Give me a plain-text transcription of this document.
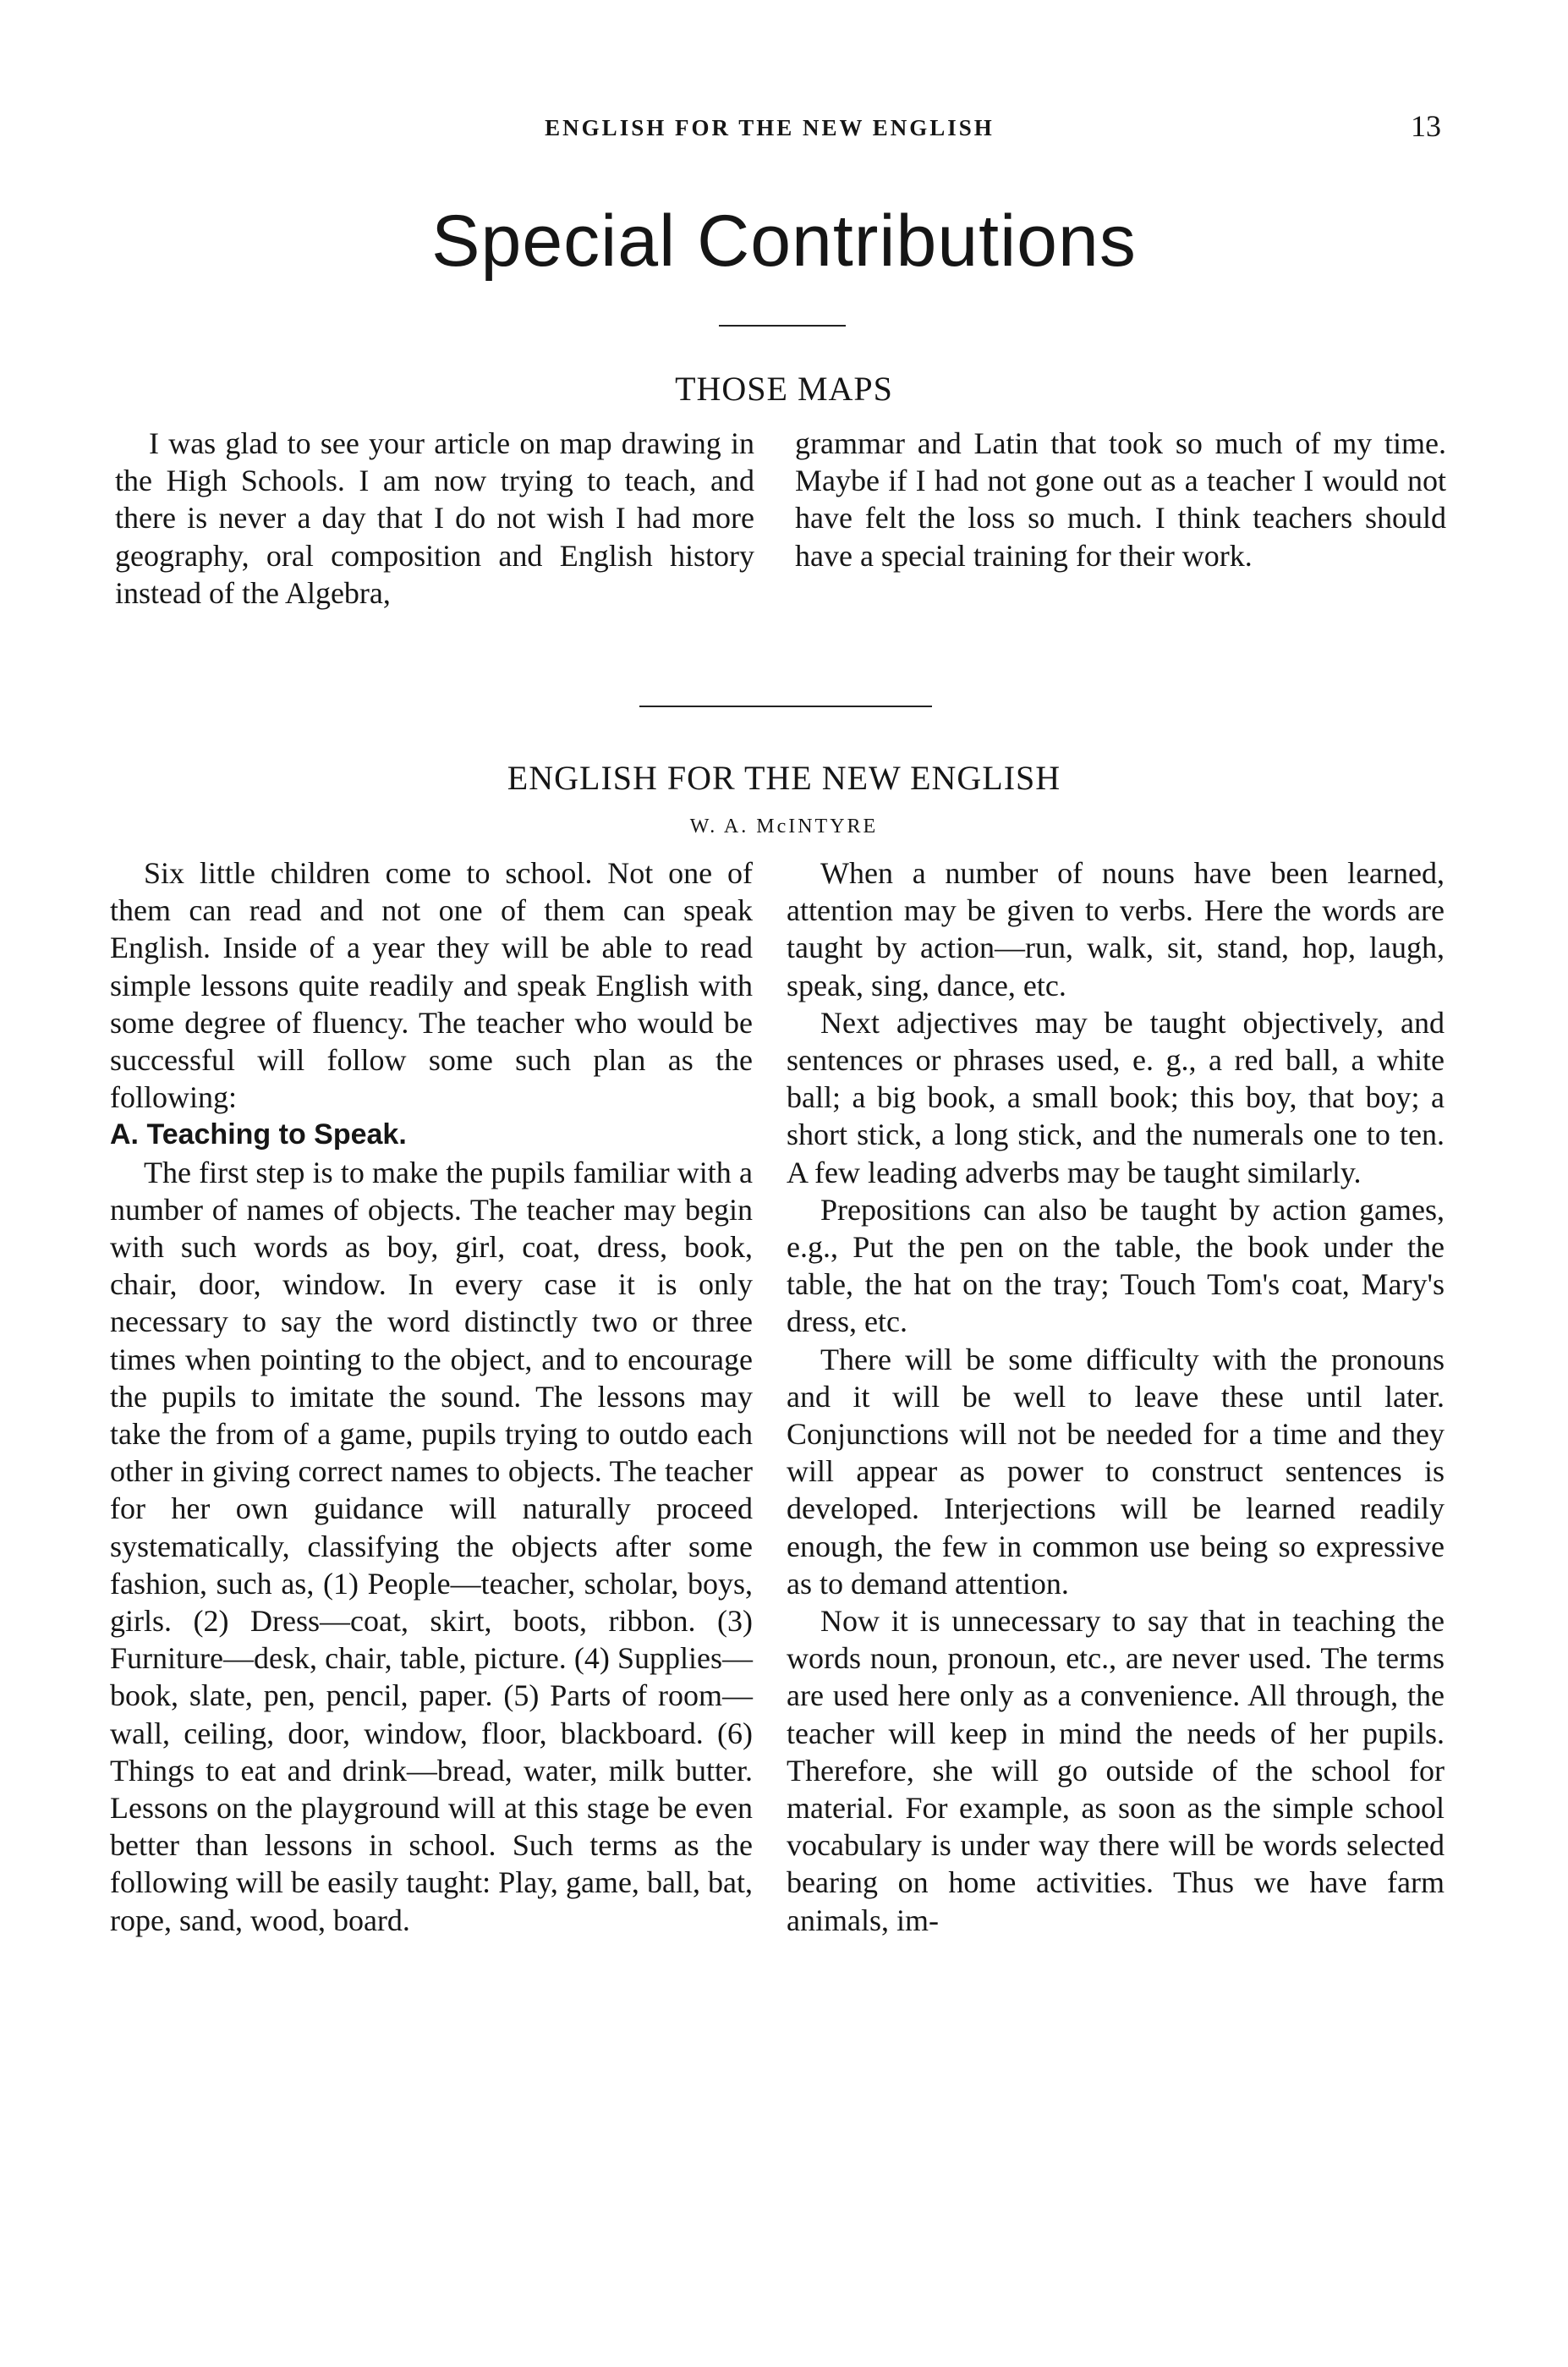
ENGLISH FOR THE NEW ENGLISH	13
Special Contributions
THOSE MAPS

I was glad to see your article on map drawing in the High Schools. I am now trying to teach, and there is never a day that I do not wish I had more geography, oral composition and English history instead of the Algebra,

grammar and Latin that took so much of my time. Maybe if I had not gone out as a teacher I would not have felt the loss so much. I think teachers should have a special training for their work.

ENGLISH FOR THE NEW ENGLISH
W. A. McINTYRE

Six little children come to school. Not one of them can read and not one of them can speak English. Inside of a year they will be able to read simple lessons quite readily and speak English with some degree of fluency. The teacher who would be successful will follow some such plan as the following:

A. Teaching to Speak.

The first step is to make the pupils familiar with a number of names of objects. The teacher may begin with such words as boy, girl, coat, dress, book, chair, door, window. In every case it is only necessary to say the word distinctly two or three times when pointing to the object, and to encourage the pupils to imitate the sound. The lessons may take the from of a game, pupils trying to outdo each other in giving correct names to objects. The teacher for her own guidance will naturally proceed systematically, classifying the objects after some fashion, such as, (1) People—teacher, scholar, boys, girls. (2) Dress—coat, skirt, boots, ribbon. (3) Furniture—desk, chair, table, picture. (4) Supplies—book, slate, pen, pencil, paper. (5) Parts of room—wall, ceiling, door, window, floor, blackboard. (6) Things to eat and drink—bread, water, milk butter. Lessons on the playground will at this stage be even better than lessons in school. Such terms as the following will be easily taught: Play, game, ball, bat, rope, sand, wood, board.

When a number of nouns have been learned, attention may be given to verbs. Here the words are taught by action—run, walk, sit, stand, hop, laugh, speak, sing, dance, etc.

Next adjectives may be taught objectively, and sentences or phrases used, e. g., a red ball, a white ball; a big book, a small book; this boy, that boy; a short stick, a long stick, and the numerals one to ten. A few leading adverbs may be taught similarly.

Prepositions can also be taught by action games, e.g., Put the pen on the table, the book under the table, the hat on the tray; Touch Tom's coat, Mary's dress, etc.

There will be some difficulty with the pronouns and it will be well to leave these until later. Conjunctions will not be needed for a time and they will appear as power to construct sentences is developed. Interjections will be learned readily enough, the few in common use being so expressive as to demand attention.

Now it is unnecessary to say that in teaching the words noun, pronoun, etc., are never used. The terms are used here only as a convenience. All through, the teacher will keep in mind the needs of her pupils. Therefore, she will go outside of the school for material. For example, as soon as the simple school vocabulary is under way there will be words selected bearing on home activities. Thus we have farm animals, im-
